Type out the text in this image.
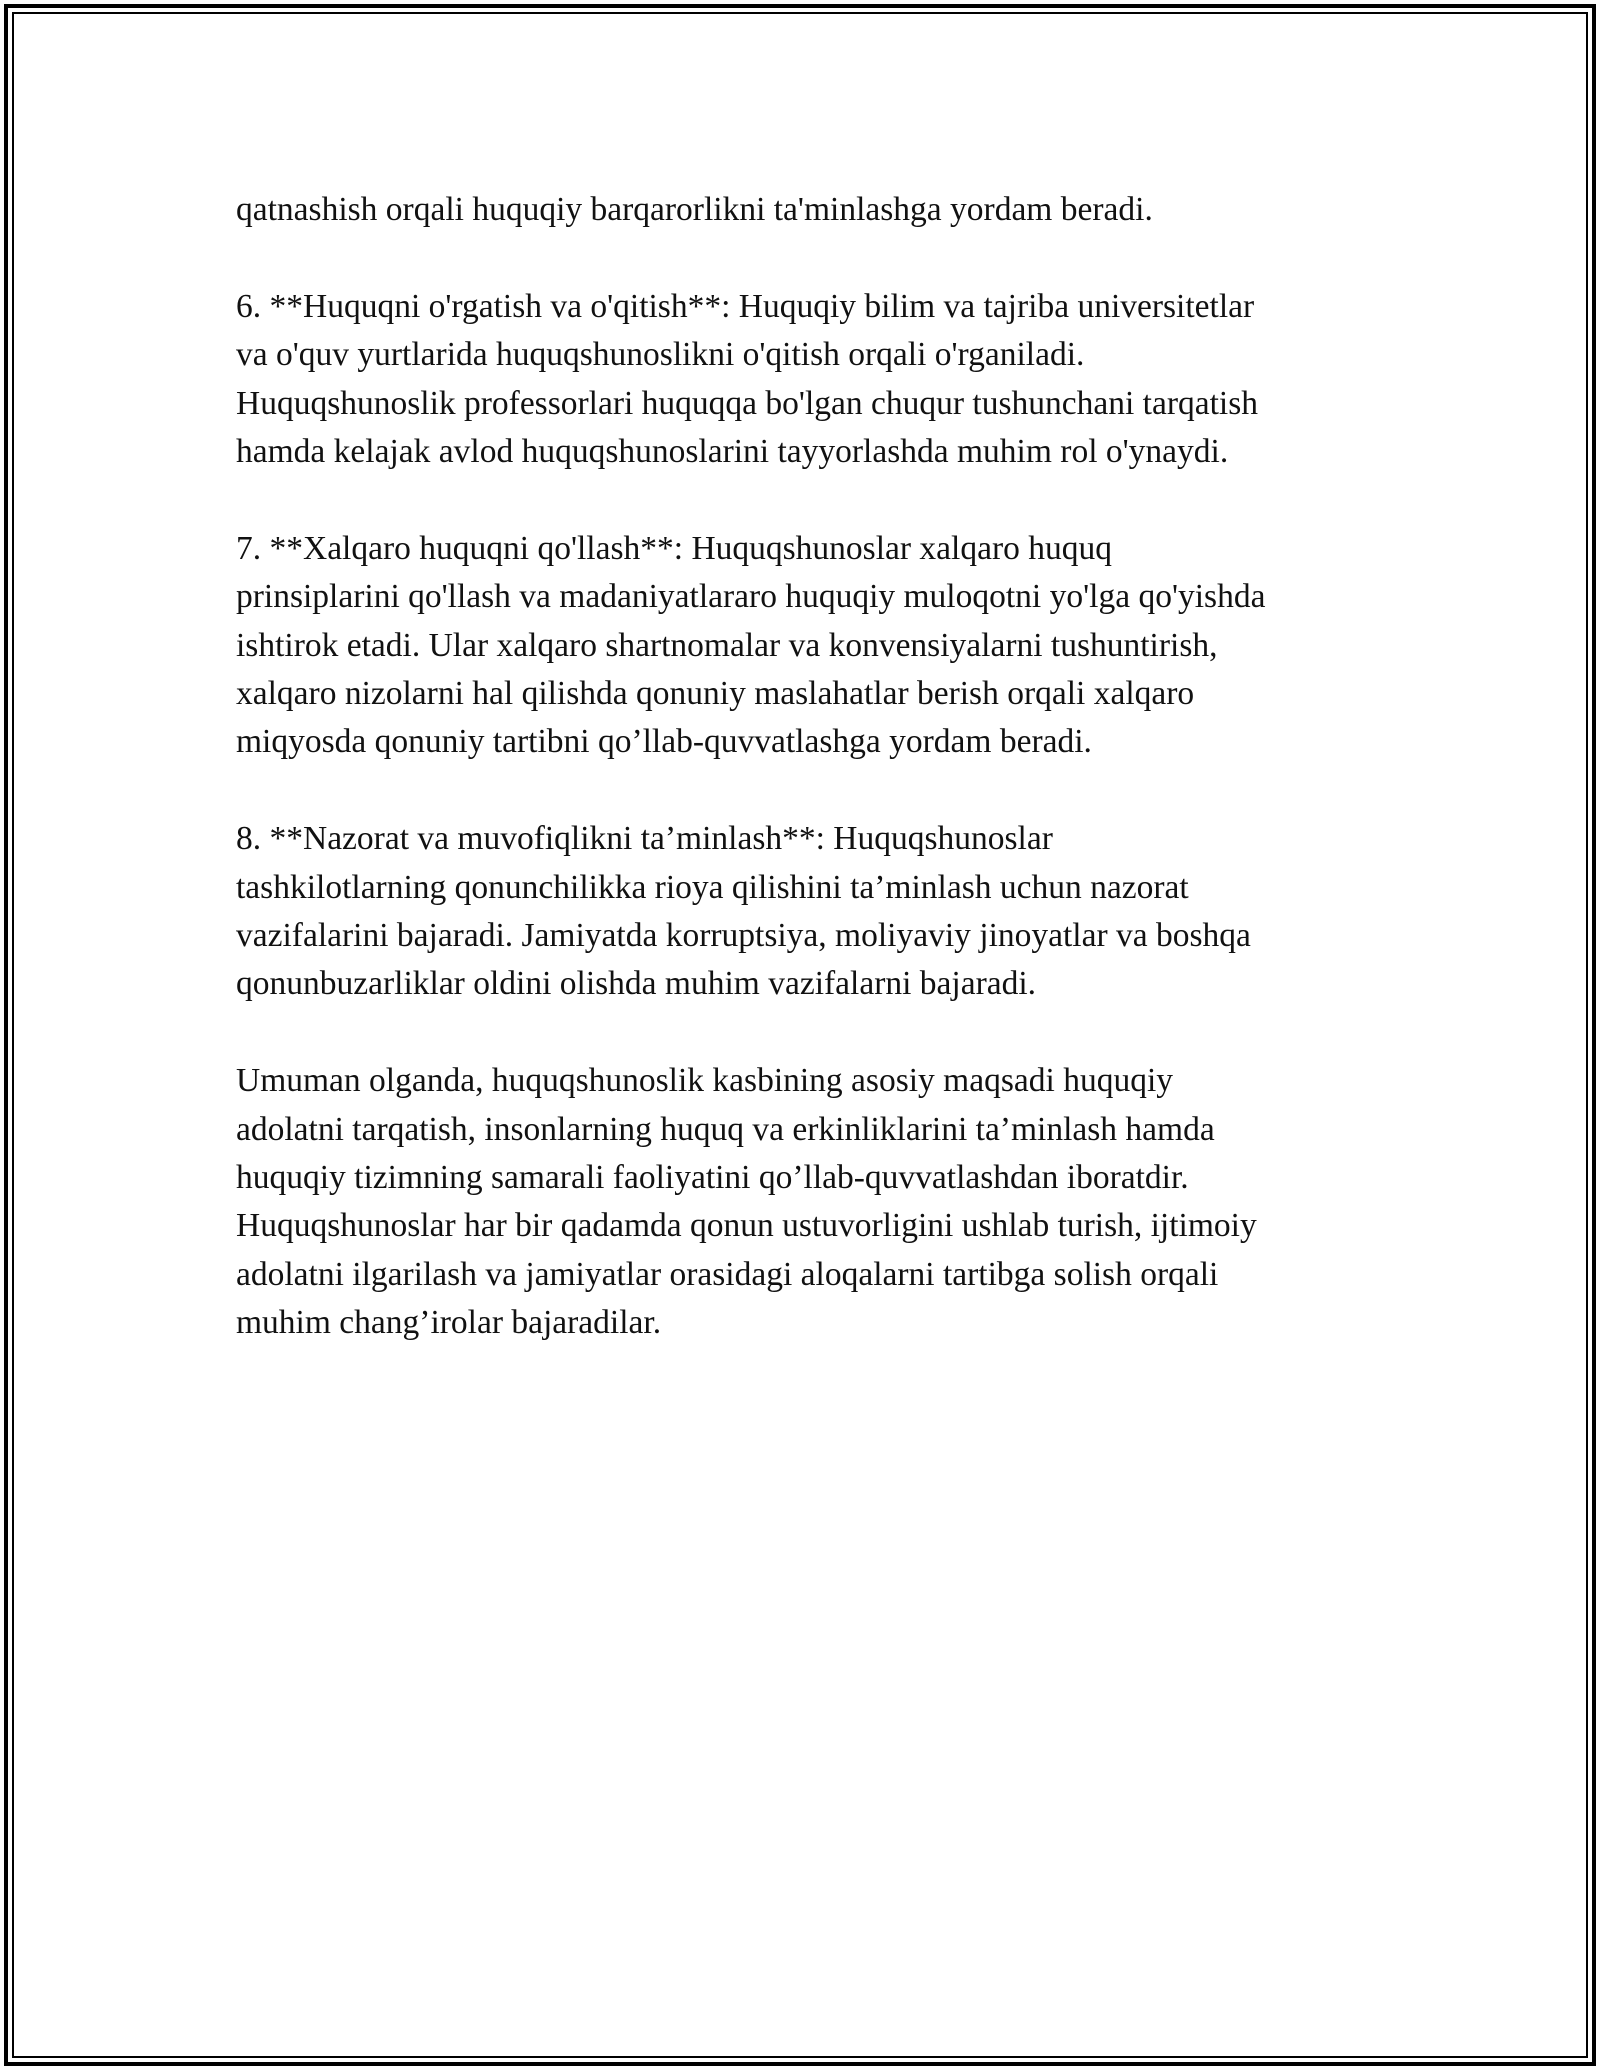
qatnashish orqali huquqiy barqarorlikni ta'minlashga yordam beradi.

6. **Huquqni o'rgatish va o'qitish**: Huquqiy bilim va tajriba universitetlar
va o'quv yurtlarida huquqshunoslikni o'qitish orqali o'rganiladi.
Huquqshunoslik professorlari huquqqa bo'lgan chuqur tushunchani tarqatish
hamda kelajak avlod huquqshunoslarini tayyorlashda muhim rol o'ynaydi.

7. **Xalqaro huquqni qo'llash**: Huquqshunoslar xalqaro huquq
prinsiplarini qo'llash va madaniyatlararo huquqiy muloqotni yo'lga qo'yishda
ishtirok etadi. Ular xalqaro shartnomalar va konvensiyalarni tushuntirish,
xalqaro nizolarni hal qilishda qonuniy maslahatlar berish orqali xalqaro
miqyosda qonuniy tartibni qo’llab-quvvatlashga yordam beradi.

8. **Nazorat va muvofiqlikni ta’minlash**: Huquqshunoslar
tashkilotlarning qonunchilikka rioya qilishini ta’minlash uchun nazorat
vazifalarini bajaradi. Jamiyatda korruptsiya, moliyaviy jinoyatlar va boshqa
qonunbuzarliklar oldini olishda muhim vazifalarni bajaradi.

Umuman olganda, huquqshunoslik kasbining asosiy maqsadi huquqiy
adolatni tarqatish, insonlarning huquq va erkinliklarini ta’minlash hamda
huquqiy tizimning samarali faoliyatini qo’llab-quvvatlashdan iboratdir.
Huquqshunoslar har bir qadamda qonun ustuvorligini ushlab turish, ijtimoiy
adolatni ilgarilash va jamiyatlar orasidagi aloqalarni tartibga solish orqali
muhim chang’irolar bajaradilar.
